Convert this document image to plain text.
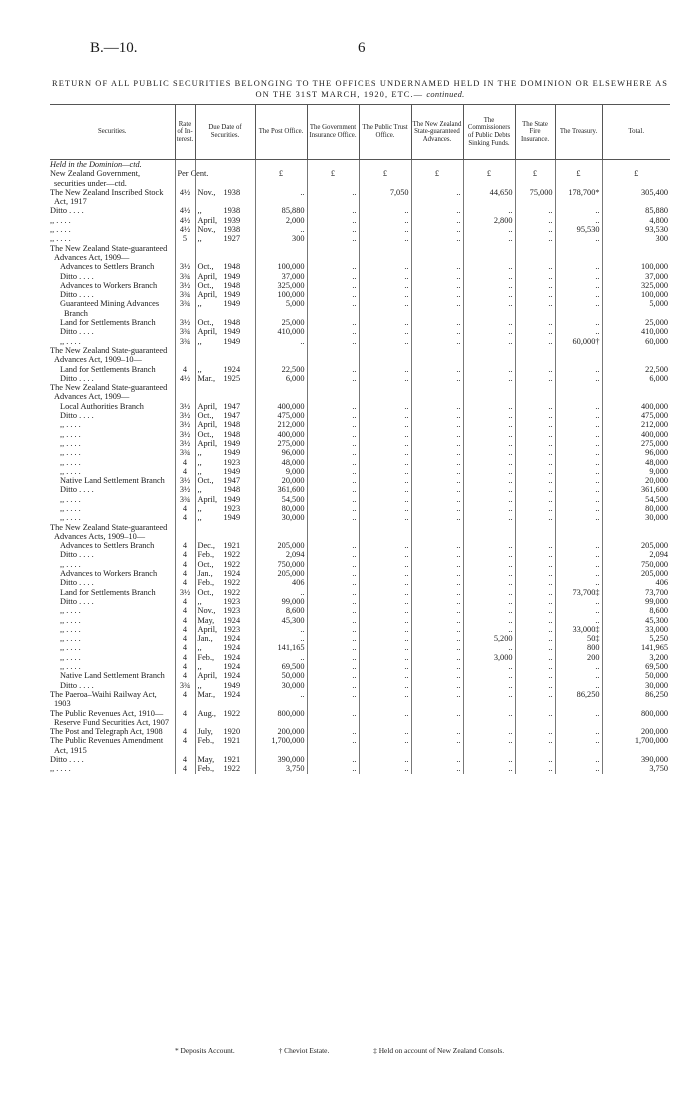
B.—10.	6
RETURN OF ALL PUBLIC SECURITIES BELONGING TO THE OFFICES UNDERNAMED HELD IN THE DOMINION OR ELSEWHERE AS ON THE 31ST MARCH, 1920, ETC.— continued.
Securities.	Rate of In-terest.	Due Date of Securities.	The Post Office.	The Government Insurance Office.	The Public Trust Office.	The New Zealand State-guaranteed Advances.	The Commissioners of Public Debts Sinking Funds.	The State Fire Insurance.	The Treasury.	Total.
Held in the Dominion—ctd.										
New Zealand Government, securities under—ctd.	Per Cent.		£	£	£	£	£	£	£	£
The New Zealand Inscribed Stock Act, 1917	4½	Nov., 1938	..	..	7,050	..	44,650	75,000	178,700*	305,400
Ditto . . . .	4½	,, 1938	85,880	..	..	..	..	..	..	85,880
,, . . . .	4½	April, 1939	2,000	..	..	..	2,800	..	..	4,800
,, . . . .	4½	Nov., 1938	..	..	..	..	..	..	95,530	93,530
,, . . . .	5	,, 1927	300	..	..	..	..	..	..	300
The New Zealand State-guaranteed Advances Act, 1909—										
Advances to Settlers Branch	3½	Oct., 1948	100,000	..	..	..	..	..	..	100,000
Ditto . . . .	3¾	April, 1949	37,000	..	..	..	..	..	..	37,000
Advances to Workers Branch	3½	Oct., 1948	325,000	..	..	..	..	..	..	325,000
Ditto . . . .	3¾	April, 1949	100,000	..	..	..	..	..	..	100,000
Guaranteed Mining Advances Branch	3¾	,, 1949	5,000	..	..	..	..	..	..	5,000
Land for Settlements Branch	3½	Oct., 1948	25,000	..	..	..	..	..	..	25,000
Ditto . . . .	3¾	April, 1949	410,000	..	..	..	..	..	..	410,000
,, . . . .	3¾	,, 1949	..	..	..	..	..	..	60,000†	60,000
The New Zealand State-guaranteed Advances Act, 1909–10—										
Land for Settlements Branch	4	,, 1924	22,500	..	..	..	..	..	..	22,500
Ditto . . . .	4½	Mar., 1925	6,000	..	..	..	..	..	..	6,000
The New Zealand State-guaranteed Advances Act, 1909—										
Local Authorities Branch	3½	April, 1947	400,000	..	..	..	..	..	..	400,000
Ditto . . . .	3½	Oct., 1947	475,000	..	..	..	..	..	..	475,000
,, . . . .	3½	April, 1948	212,000	..	..	..	..	..	..	212,000
,, . . . .	3½	Oct., 1948	400,000	..	..	..	..	..	..	400,000
,, . . . .	3½	April, 1949	275,000	..	..	..	..	..	..	275,000
,, . . . .	3¾	,, 1949	96,000	..	..	..	..	..	..	96,000
,, . . . .	4	,, 1923	48,000	..	..	..	..	..	..	48,000
,, . . . .	4	,, 1949	9,000	..	..	..	..	..	..	9,000
Native Land Settlement Branch	3½	Oct., 1947	20,000	..	..	..	..	..	..	20,000
Ditto . . . .	3½	,, 1948	361,600	..	..	..	..	..	..	361,600
,, . . . .	3¾	April, 1949	54,500	..	..	..	..	..	..	54,500
,, . . . .	4	,, 1923	80,000	..	..	..	..	..	..	80,000
,, . . . .	4	,, 1949	30,000	..	..	..	..	..	..	30,000
The New Zealand State-guaranteed Advances Acts, 1909–10—										
Advances to Settlers Branch	4	Dec., 1921	205,000	..	..	..	..	..	..	205,000
Ditto . . . .	4	Feb., 1922	2,094	..	..	..	..	..	..	2,094
,, . . . .	4	Oct., 1922	750,000	..	..	..	..	..	..	750,000
Advances to Workers Branch	4	Jan., 1924	205,000	..	..	..	..	..	..	205,000
Ditto . . . .	4	Feb., 1922	406	..	..	..	..	..	..	406
Land for Settlements Branch	3½	Oct., 1922	..	..	..	..	..	..	73,700‡	73,700
Ditto . . . .	4	,, 1923	99,000	..	..	..	..	..	..	99,000
,, . . . .	4	Nov., 1923	8,600	..	..	..	..	..	..	8,600
,, . . . .	4	May, 1924	45,300	..	..	..	..	..	..	45,300
,, . . . .	4	April, 1923	..	..	..	..	..	..	33,000‡	33,000
,, . . . .	4	Jan., 1924	..	..	..	..	5,200	..	50‡	5,250
,, . . . .	4	,, 1924	141,165	..	..	..	..	..	800	141,965
,, . . . .	4	Feb., 1924	..	..	..	..	3,000	..	200	3,200
,, . . . .	4	,, 1924	69,500	..	..	..	..	..	..	69,500
Native Land Settlement Branch	4	April, 1924	50,000	..	..	..	..	..	..	50,000
Ditto . . . .	3¾	,, 1949	30,000	..	..	..	..	..	..	30,000
The Paeroa–Waihi Railway Act, 1903	4	Mar., 1924	..	..	..	..	..	..	86,250	86,250
The Public Revenues Act, 1910—Reserve Fund Securities Act, 1907	4	Aug., 1922	800,000	..	..	..	..	..	..	800,000
The Post and Telegraph Act, 1908	4	July, 1920	200,000	..	..	..	..	..	..	200,000
The Public Revenues Amendment Act, 1915	4	Feb., 1921	1,700,000	..	..	..	..	..	..	1,700,000
Ditto . . . .	4	May, 1921	390,000	..	..	..	..	..	..	390,000
,, . . . .	4	Feb., 1922	3,750	..	..	..	..	..	..	3,750
* Deposits Account.	† Cheviot Estate.	‡ Held on account of New Zealand Consols.
